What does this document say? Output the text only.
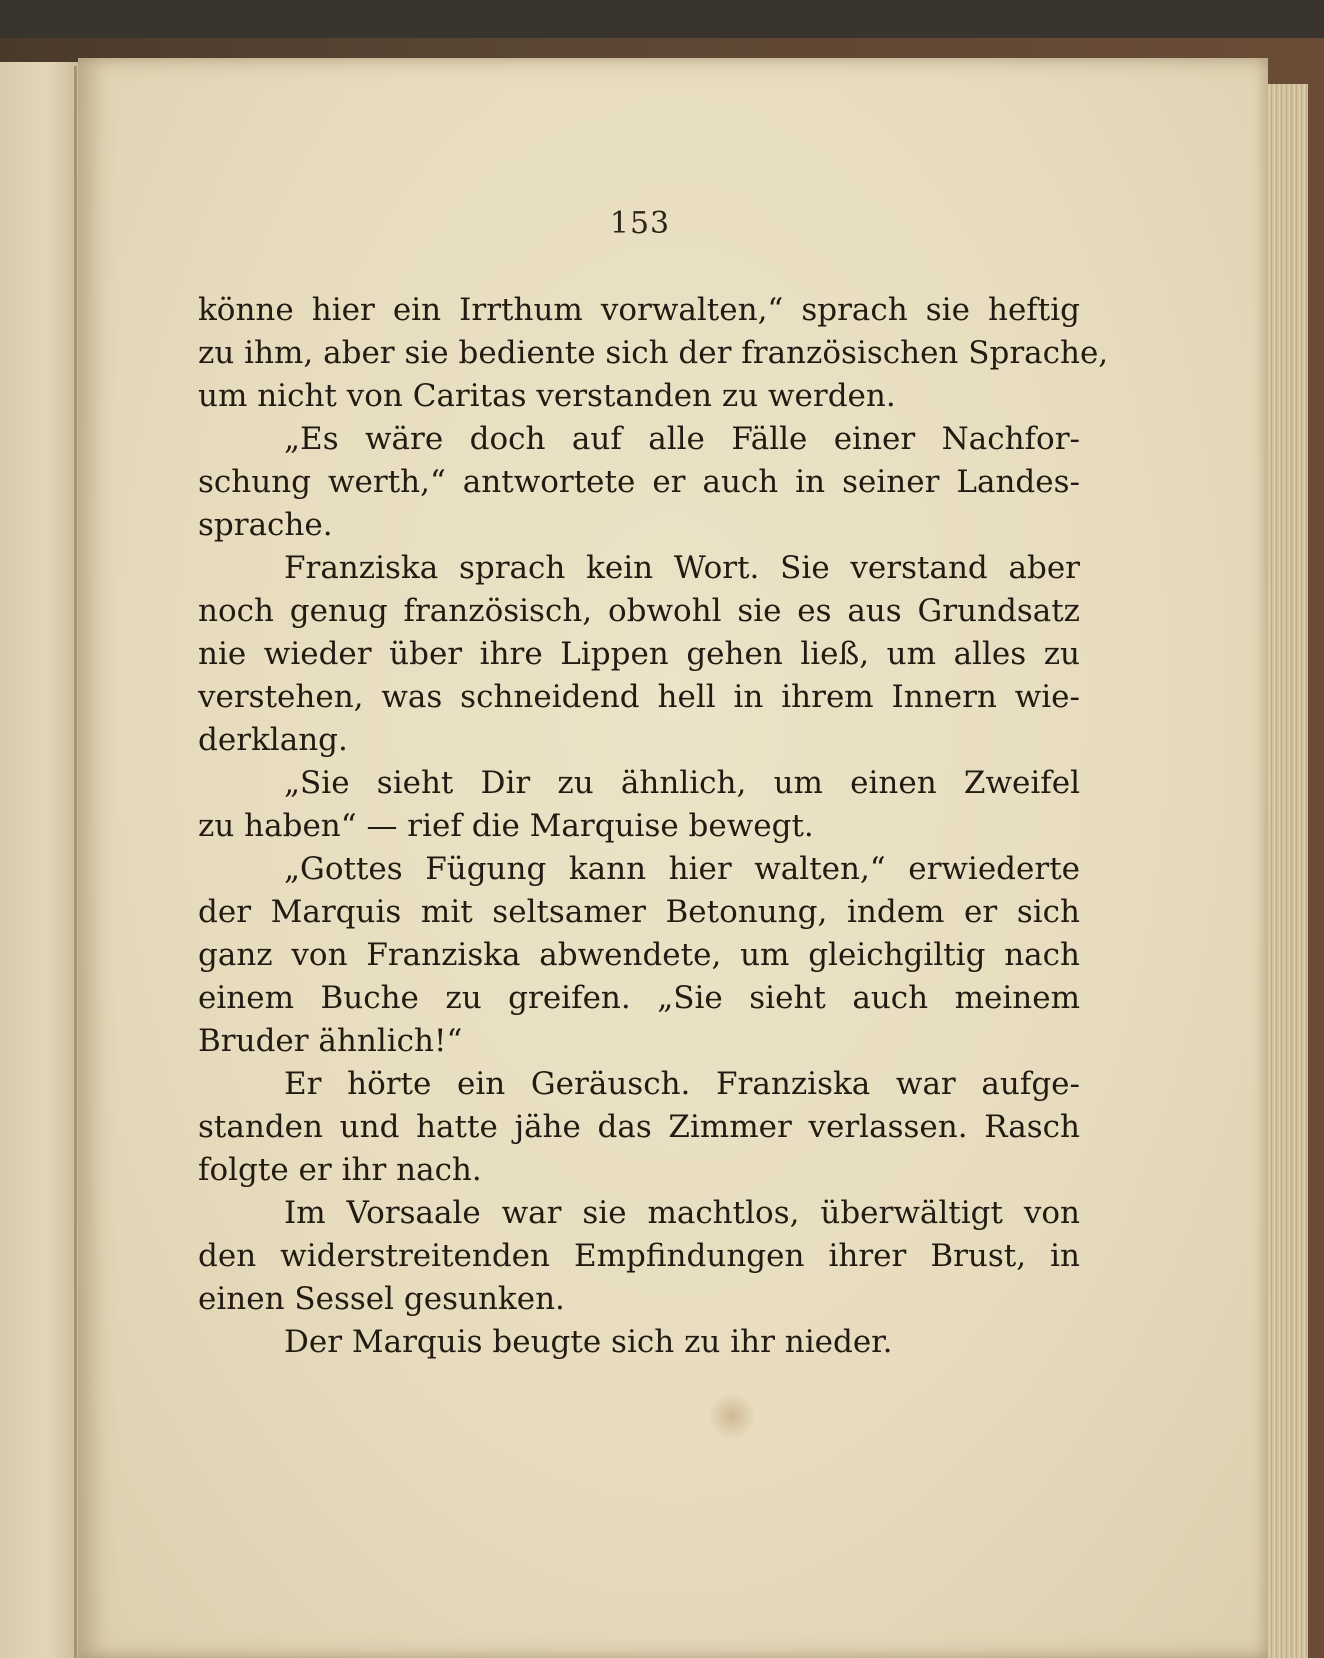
153
könne hier ein Irrthum vorwalten,“ sprach sie heftig
zu ihm, aber sie bediente sich der französischen Sprache,
um nicht von Caritas verstanden zu werden.
„Es wäre doch auf alle Fälle einer Nachfor-
schung werth,“ antwortete er auch in seiner Landes-
sprache.
Franziska sprach kein Wort. Sie verstand aber
noch genug französisch, obwohl sie es aus Grundsatz
nie wieder über ihre Lippen gehen ließ, um alles zu
verstehen, was schneidend hell in ihrem Innern wie-
derklang.
„Sie sieht Dir zu ähnlich, um einen Zweifel
zu haben“ — rief die Marquise bewegt.
„Gottes Fügung kann hier walten,“ erwiederte
der Marquis mit seltsamer Betonung, indem er sich
ganz von Franziska abwendete, um gleichgiltig nach
einem Buche zu greifen. „Sie sieht auch meinem
Bruder ähnlich!“
Er hörte ein Geräusch. Franziska war aufge-
standen und hatte jähe das Zimmer verlassen. Rasch
folgte er ihr nach.
Im Vorsaale war sie machtlos, überwältigt von
den widerstreitenden Empfindungen ihrer Brust, in
einen Sessel gesunken.
Der Marquis beugte sich zu ihr nieder.
